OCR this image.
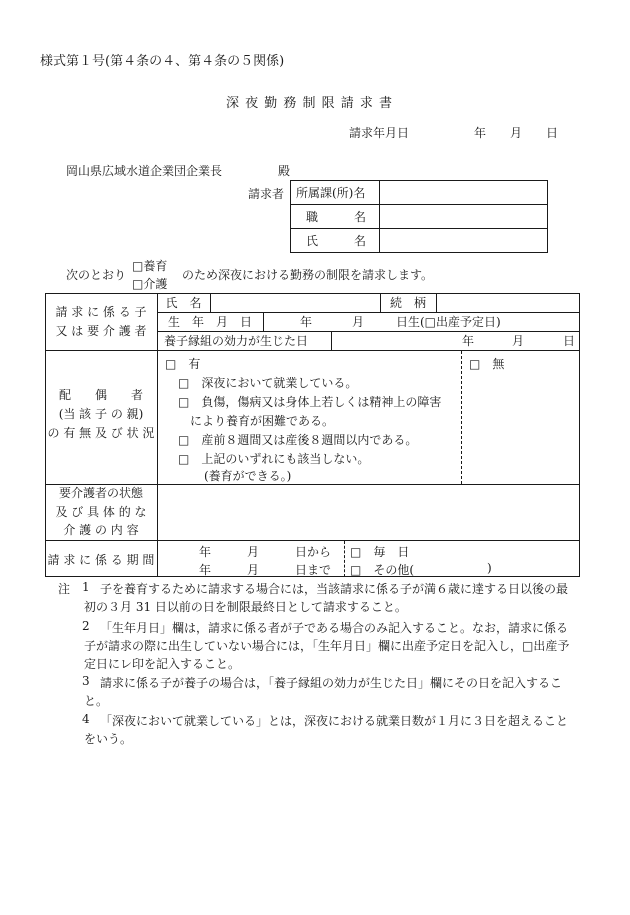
様式第１号(第４条の４、第４条の５関係)
深 夜 勤 務 制 限 請 求 書
請求年月日	年 月 日
岡山県広域水道企業団企業長	殿
請求者 所属課(所)名
職　　　名
氏　　　名
次のとおり
□養育
□介護
のため深夜における勤務の制限を請求します。
請 求 に 係 る 子
又 は 要 介 護 者
氏　名	続　柄
生　年　月　日	年	月	日生(□出産予定日)
養子縁組の効力が生じた日	年	月	日
配　　偶　　者
(当 該 子 の 親)
の 有 無 及 び 状 況
□　有	□　無
□　深夜において就業している。
□　負傷，傷病又は身体上若しくは精神上の障害
により養育が困難である。
□　産前８週間又は産後８週間以内である。
□　上記のいずれにも該当しない。
(養育ができる。)
要介護者の状態
及 び 具 体 的 な
介 護 の 内 容
請 求 に 係 る 期 間
年	月	日から
年	月	日まで
□　毎　日
□　その他(	)
注 1 子を養育するために請求する場合には，当該請求に係る子が満６歳に達する日以後の最
初の３月 31 日以前の日を制限最終日として請求すること。
2 「生年月日」欄は，請求に係る者が子である場合のみ記入すること。なお，請求に係る
子が請求の際に出生していない場合には，「生年月日」欄に出産予定日を記入し，□出産予
定日にレ印を記入すること。
3 請求に係る子が養子の場合は，「養子縁組の効力が生じた日」欄にその日を記入するこ
と。
4 「深夜において就業している」とは，深夜における就業日数が１月に３日を超えること
をいう。
